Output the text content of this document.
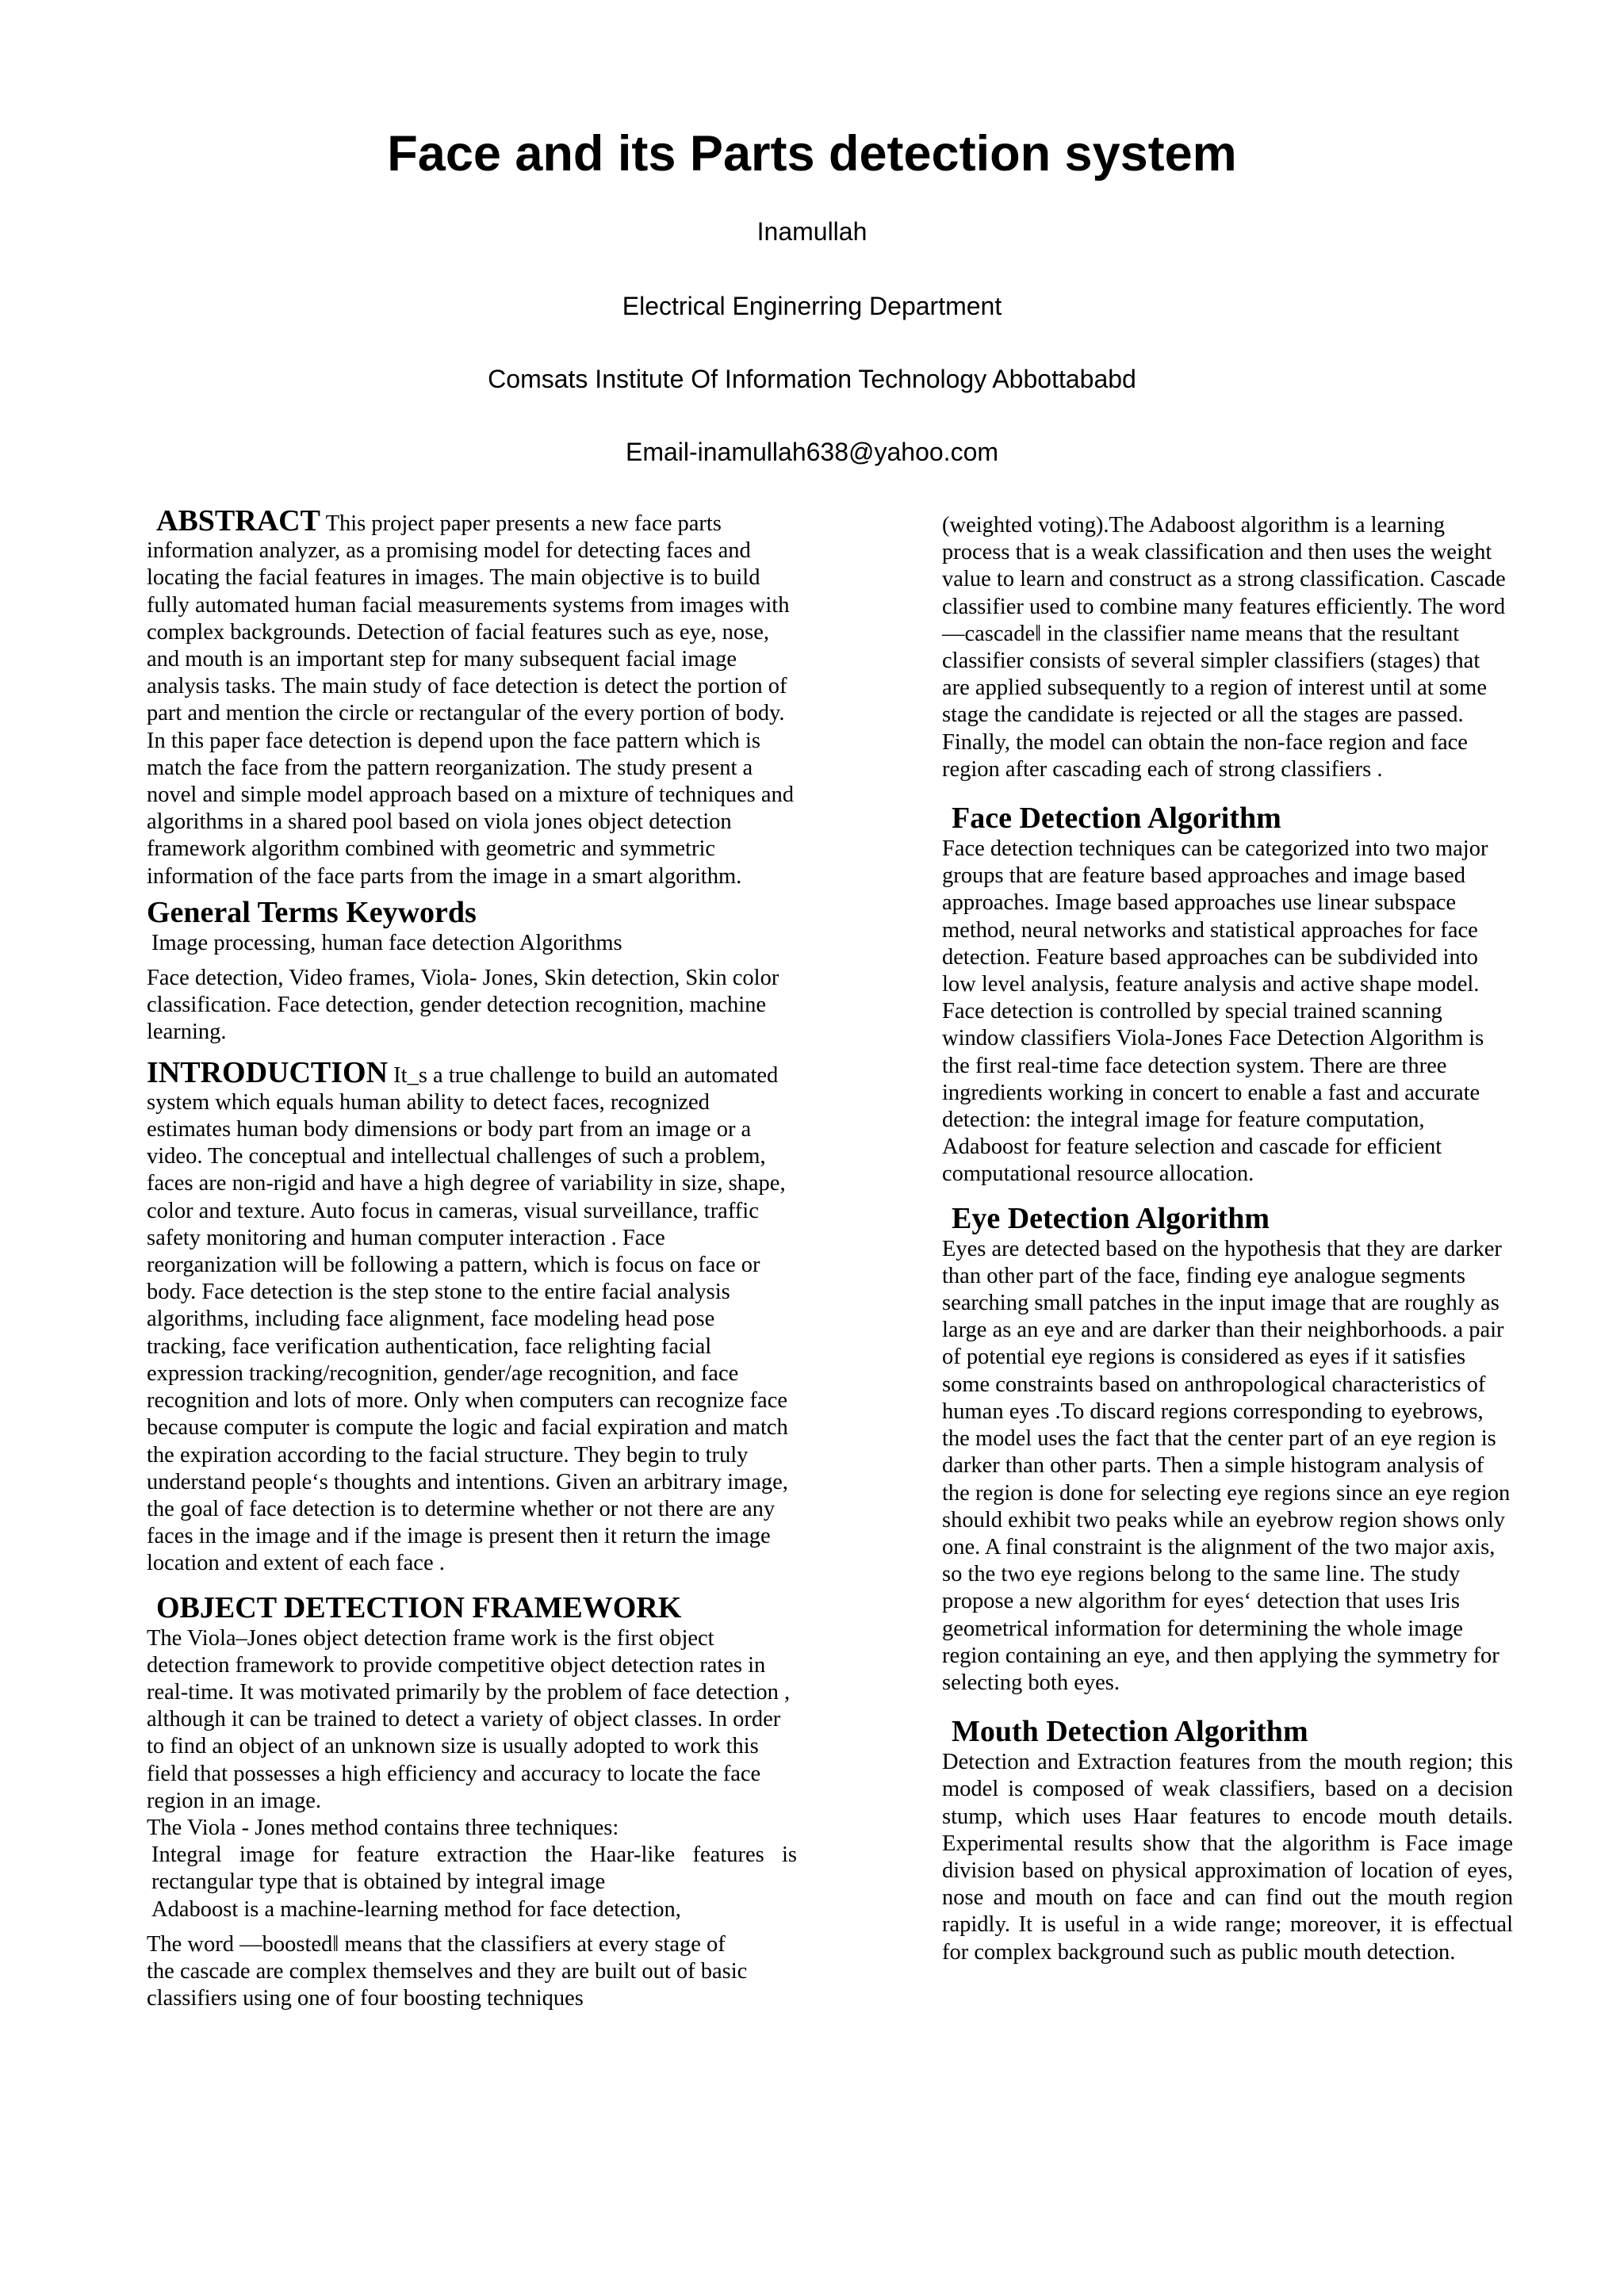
Face and its Parts detection system

Inamullah

Electrical Enginerring Department

Comsats Institute Of Information Technology Abbottababd

Email-inamullah638@yahoo.com

ABSTRACT This project paper presents a new face parts information analyzer, as a promising model for detecting faces and locating the facial features in images. The main objective is to build fully automated human facial measurements systems from images with complex backgrounds. Detection of facial features such as eye, nose, and mouth is an important step for many subsequent facial image analysis tasks. The main study of face detection is detect the portion of part and mention the circle or rectangular of the every portion of body. In this paper face detection is depend upon the face pattern which is match the face from the pattern reorganization. The study present a novel and simple model approach based on a mixture of techniques and algorithms in a shared pool based on viola jones object detection framework algorithm combined with geometric and symmetric information of the face parts from the image in a smart algorithm.

General Terms Keywords

Image processing, human face detection Algorithms

Face detection, Video frames, Viola- Jones, Skin detection, Skin color classification. Face detection, gender detection recognition, machine learning.

INTRODUCTION It_s a true challenge to build an automated system which equals human ability to detect faces, recognized estimates human body dimensions or body part from an image or a video. The conceptual and intellectual challenges of such a problem, faces are non-rigid and have a high degree of variability in size, shape, color and texture. Auto focus in cameras, visual surveillance, traffic safety monitoring and human computer interaction . Face reorganization will be following a pattern, which is focus on face or body. Face detection is the step stone to the entire facial analysis algorithms, including face alignment, face modeling head pose tracking, face verification authentication, face relighting facial expression tracking/recognition, gender/age recognition, and face recognition and lots of more. Only when computers can recognize face because computer is compute the logic and facial expiration and match the expiration according to the facial structure. They begin to truly understand people‘s thoughts and intentions. Given an arbitrary image, the goal of face detection is to determine whether or not there are any faces in the image and if the image is present then it return the image location and extent of each face .

OBJECT DETECTION FRAMEWORK

The Viola–Jones object detection frame work is the first object detection framework to provide competitive object detection rates in real-time. It was motivated primarily by the problem of face detection , although it can be trained to detect a variety of object classes. In order to find an object of an unknown size is usually adopted to work this field that possesses a high efficiency and accuracy to locate the face region in an image.

The Viola - Jones method contains three techniques:

Integral image for feature extraction the Haar-like features is rectangular type that is obtained by integral image

Adaboost is a machine-learning method for face detection,

The word ―boosted‖ means that the classifiers at every stage of the cascade are complex themselves and they are built out of basic classifiers using one of four boosting techniques

(weighted voting).The Adaboost algorithm is a learning process that is a weak classification and then uses the weight value to learn and construct as a strong classification. Cascade classifier used to combine many features efficiently. The word ―cascade‖ in the classifier name means that the resultant classifier consists of several simpler classifiers (stages) that are applied subsequently to a region of interest until at some stage the candidate is rejected or all the stages are passed. Finally, the model can obtain the non-face region and face region after cascading each of strong classifiers .

Face Detection Algorithm

Face detection techniques can be categorized into two major groups that are feature based approaches and image based approaches. Image based approaches use linear subspace method, neural networks and statistical approaches for face detection. Feature based approaches can be subdivided into low level analysis, feature analysis and active shape model.

Face detection is controlled by special trained scanning window classifiers Viola-Jones Face Detection Algorithm is the first real-time face detection system. There are three ingredients working in concert to enable a fast and accurate detection: the integral image for feature computation, Adaboost for feature selection and cascade for efficient computational resource allocation.

Eye Detection Algorithm

Eyes are detected based on the hypothesis that they are darker than other part of the face, finding eye analogue segments searching small patches in the input image that are roughly as large as an eye and are darker than their neighborhoods. a pair of potential eye regions is considered as eyes if it satisfies some constraints based on anthropological characteristics of human eyes .To discard regions corresponding to eyebrows, the model uses the fact that the center part of an eye region is darker than other parts. Then a simple histogram analysis of the region is done for selecting eye regions since an eye region should exhibit two peaks while an eyebrow region shows only one. A final constraint is the alignment of the two major axis, so the two eye regions belong to the same line. The study propose a new algorithm for eyes‘ detection that uses Iris geometrical information for determining the whole image region containing an eye, and then applying the symmetry for selecting both eyes.

Mouth Detection Algorithm

Detection and Extraction features from the mouth region; this model is composed of weak classifiers, based on a decision stump, which uses Haar features to encode mouth details. Experimental results show that the algorithm is Face image division based on physical approximation of location of eyes, nose and mouth on face and can find out the mouth region rapidly. It is useful in a wide range; moreover, it is effectual for complex background such as public mouth detection.
